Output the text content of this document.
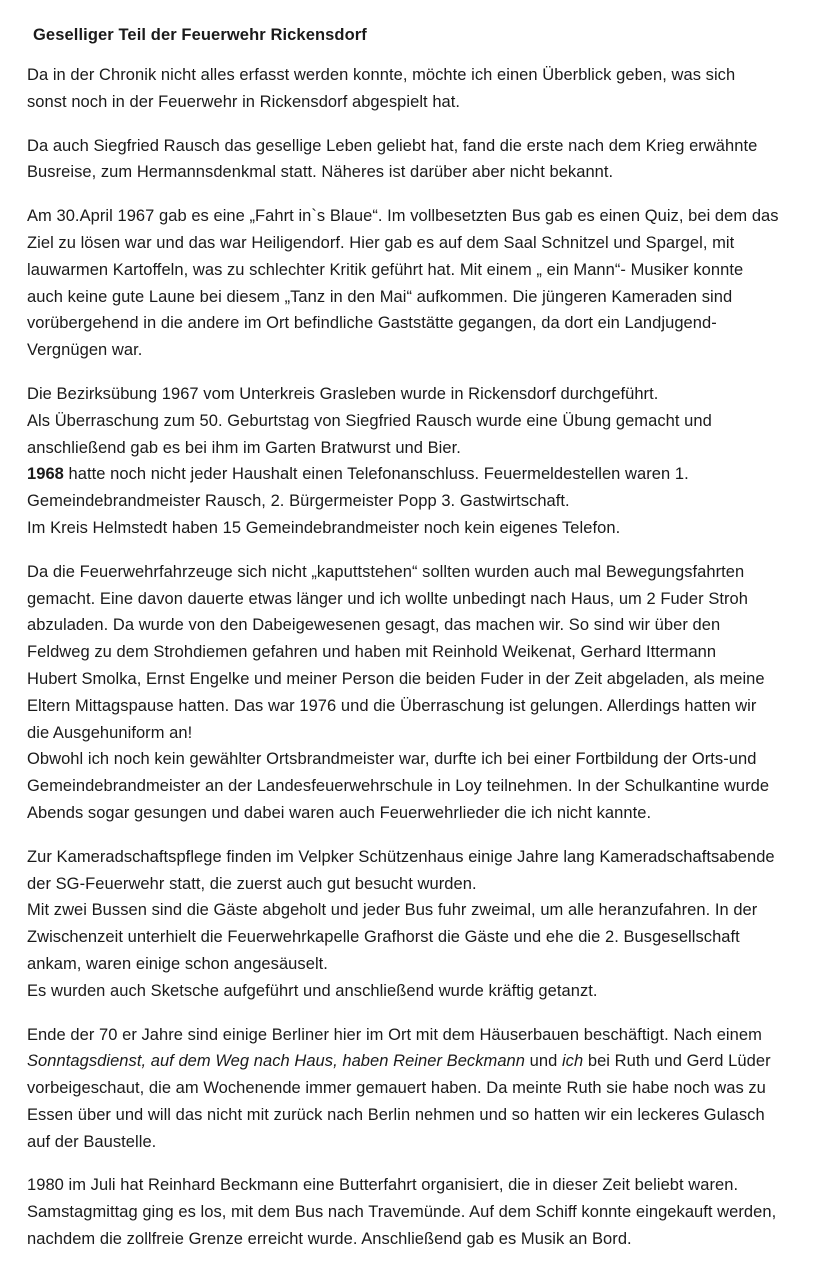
Geselliger Teil der Feuerwehr Rickensdorf
Da in der Chronik nicht alles erfasst werden konnte, möchte ich einen Überblick geben, was sich
sonst noch in der Feuerwehr in Rickensdorf abgespielt hat.
Da auch Siegfried Rausch das gesellige Leben geliebt hat, fand die erste nach dem Krieg erwähnte
Busreise, zum Hermannsdenkmal statt. Näheres ist darüber aber nicht bekannt.
Am 30.April 1967 gab es eine „Fahrt in`s Blaue“. Im vollbesetzten Bus gab es einen Quiz, bei dem das
Ziel zu lösen war und das war Heiligendorf. Hier gab es auf dem Saal Schnitzel und Spargel, mit
lauwarmen Kartoffeln, was zu schlechter Kritik geführt hat. Mit einem „ ein Mann“- Musiker konnte
auch keine gute Laune bei diesem „Tanz in den Mai“ aufkommen. Die jüngeren Kameraden sind
vorübergehend in die andere im Ort befindliche Gaststätte gegangen, da dort ein Landjugend-
Vergnügen war.
Die Bezirksübung 1967 vom Unterkreis Grasleben wurde in Rickensdorf durchgeführt.
Als Überraschung zum 50. Geburtstag von Siegfried Rausch wurde eine Übung gemacht und
anschließend gab es bei ihm im Garten Bratwurst und Bier.
1968 hatte noch nicht jeder Haushalt einen Telefonanschluss. Feuermeldestellen waren 1.
Gemeindebrandmeister Rausch, 2. Bürgermeister Popp 3. Gastwirtschaft.
Im Kreis Helmstedt haben 15 Gemeindebrandmeister noch kein eigenes Telefon.
Da die Feuerwehrfahrzeuge sich nicht „kaputtstehen“ sollten wurden auch mal Bewegungsfahrten
gemacht. Eine davon dauerte etwas länger und ich wollte unbedingt nach Haus, um 2 Fuder Stroh
abzuladen. Da wurde von den Dabeigewesenen gesagt, das machen wir. So sind wir über den
Feldweg zu dem Strohdiemen gefahren und haben mit Reinhold Weikenat, Gerhard Ittermann
Hubert Smolka, Ernst Engelke und meiner Person die beiden Fuder in der Zeit abgeladen, als meine
Eltern Mittagspause hatten. Das war 1976 und die Überraschung ist gelungen. Allerdings hatten wir
die Ausgehuniform an!
Obwohl ich noch kein gewählter Ortsbrandmeister war, durfte ich bei einer Fortbildung der Orts-und
Gemeindebrandmeister an der Landesfeuerwehrschule in Loy teilnehmen. In der Schulkantine wurde
Abends sogar gesungen und dabei waren auch Feuerwehrlieder die ich nicht kannte.
Zur Kameradschaftspflege finden im Velpker Schützenhaus einige Jahre lang Kameradschaftsabende
der SG-Feuerwehr statt, die zuerst auch gut besucht wurden.
Mit zwei Bussen sind die Gäste abgeholt und jeder Bus fuhr zweimal, um alle heranzufahren. In der
Zwischenzeit unterhielt die Feuerwehrkapelle Grafhorst die Gäste und ehe die 2. Busgesellschaft
ankam, waren einige schon angesäuselt.
Es wurden auch Sketsche aufgeführt und anschließend wurde kräftig getanzt.
Ende der 70 er Jahre sind einige Berliner hier im Ort mit dem Häuserbauen beschäftigt. Nach einem
Sonntagsdienst, auf dem Weg nach Haus, haben Reiner Beckmann und ich bei Ruth und Gerd Lüder
vorbeigeschaut, die am Wochenende immer gemauert haben. Da meinte Ruth sie habe noch was zu
Essen über und will das nicht mit zurück nach Berlin nehmen und so hatten wir ein leckeres Gulasch
auf der Baustelle.
1980 im Juli hat Reinhard Beckmann eine Butterfahrt organisiert, die in dieser Zeit beliebt waren.
Samstagmittag ging es los, mit dem Bus nach Travemünde. Auf dem Schiff konnte eingekauft werden,
nachdem die zollfreie Grenze erreicht wurde. Anschließend gab es Musik an Bord.
